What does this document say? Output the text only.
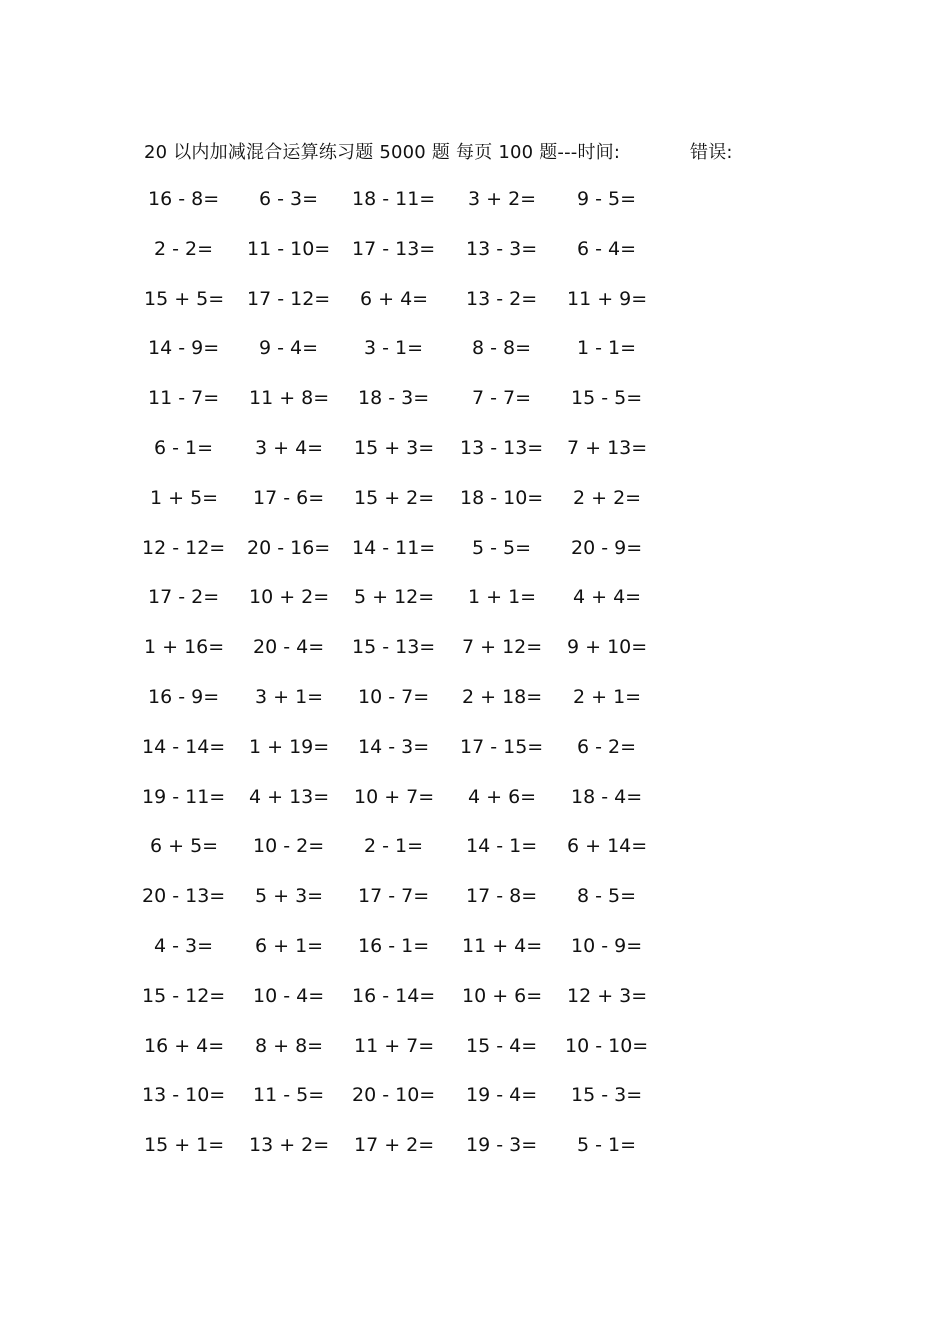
20 以内加减混合运算练习题 5000 题 每页 100 题---时间:	错误:
16 - 8= 6 - 3= 18 - 11= 3 + 2= 9 - 5=
2 - 2= 11 - 10= 17 - 13= 13 - 3= 6 - 4=
15 + 5= 17 - 12= 6 + 4= 13 - 2= 11 + 9=
14 - 9= 9 - 4= 3 - 1=	8 - 8= 1 - 1=
11 - 7= 11 + 8= 18 - 3= 7 - 7= 15 - 5=
6 - 1= 3 + 4= 15 + 3= 13 - 13= 7 + 13=
1 + 5= 17 - 6= 15 + 2= 18 - 10= 2 + 2=
12 - 12= 20 - 16= 14 - 11= 5 - 5= 20 - 9=
17 - 2= 10 + 2= 5 + 12= 1 + 1= 4 + 4=
1 + 16= 20 - 4= 15 - 13= 7 + 12= 9 + 10=
16 - 9= 3 + 1= 10 - 7= 2 + 18= 2 + 1=
14 - 14= 1 + 19= 14 - 3= 17 - 15= 6 - 2=
19 - 11= 4 + 13= 10 + 7= 4 + 6= 18 - 4=
6 + 5= 10 - 2= 2 - 1= 14 - 1= 6 + 14=
20 - 13= 5 + 3= 17 - 7= 17 - 8= 8 - 5=
4 - 3= 6 + 1= 16 - 1= 11 + 4= 10 - 9=
15 - 12= 10 - 4= 16 - 14= 10 + 6= 12 + 3=
16 + 4= 8 + 8= 11 + 7= 15 - 4= 10 - 10=
13 - 10= 11 - 5= 20 - 10= 19 - 4= 15 - 3=
15 + 1= 13 + 2= 17 + 2= 19 - 3= 5 - 1=
